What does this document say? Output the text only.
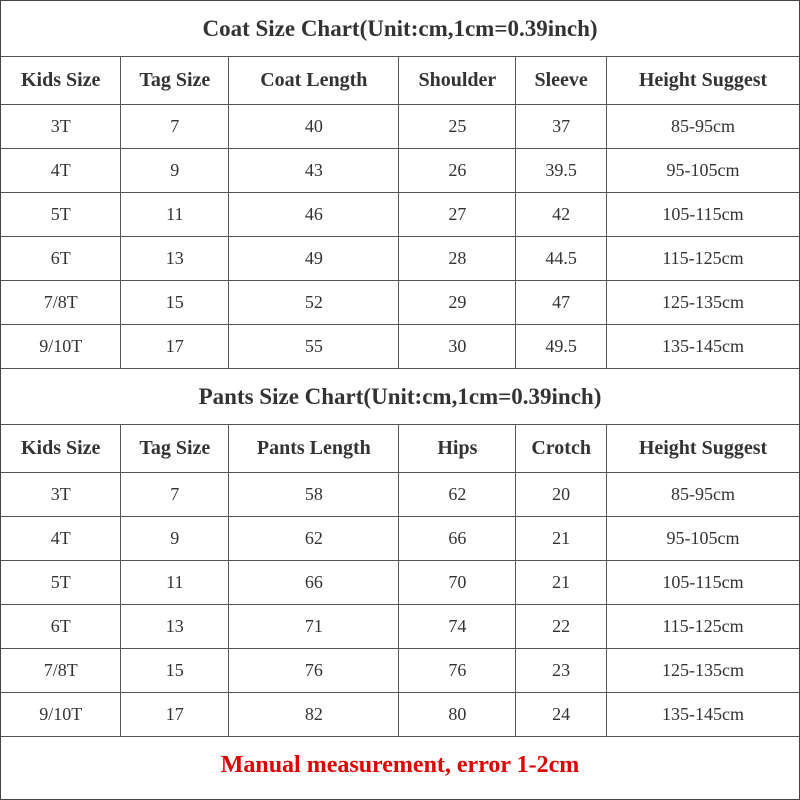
Coat Size Chart(Unit:cm,1cm=0.39inch)					
Kids Size	Tag Size	Coat Length	Shoulder	Sleeve	Height Suggest
3T	7	40	25	37	85-95cm
4T	9	43	26	39.5	95-105cm
5T	11	46	27	42	105-115cm
6T	13	49	28	44.5	115-125cm
7/8T	15	52	29	47	125-135cm
9/10T	17	55	30	49.5	135-145cm
Pants Size Chart(Unit:cm,1cm=0.39inch)					
Kids Size	Tag Size	Pants Length	Hips	Crotch	Height Suggest
3T	7	58	62	20	85-95cm
4T	9	62	66	21	95-105cm
5T	11	66	70	21	105-115cm
6T	13	71	74	22	115-125cm
7/8T	15	76	76	23	125-135cm
9/10T	17	82	80	24	135-145cm
Manual measurement, error 1-2cm					
